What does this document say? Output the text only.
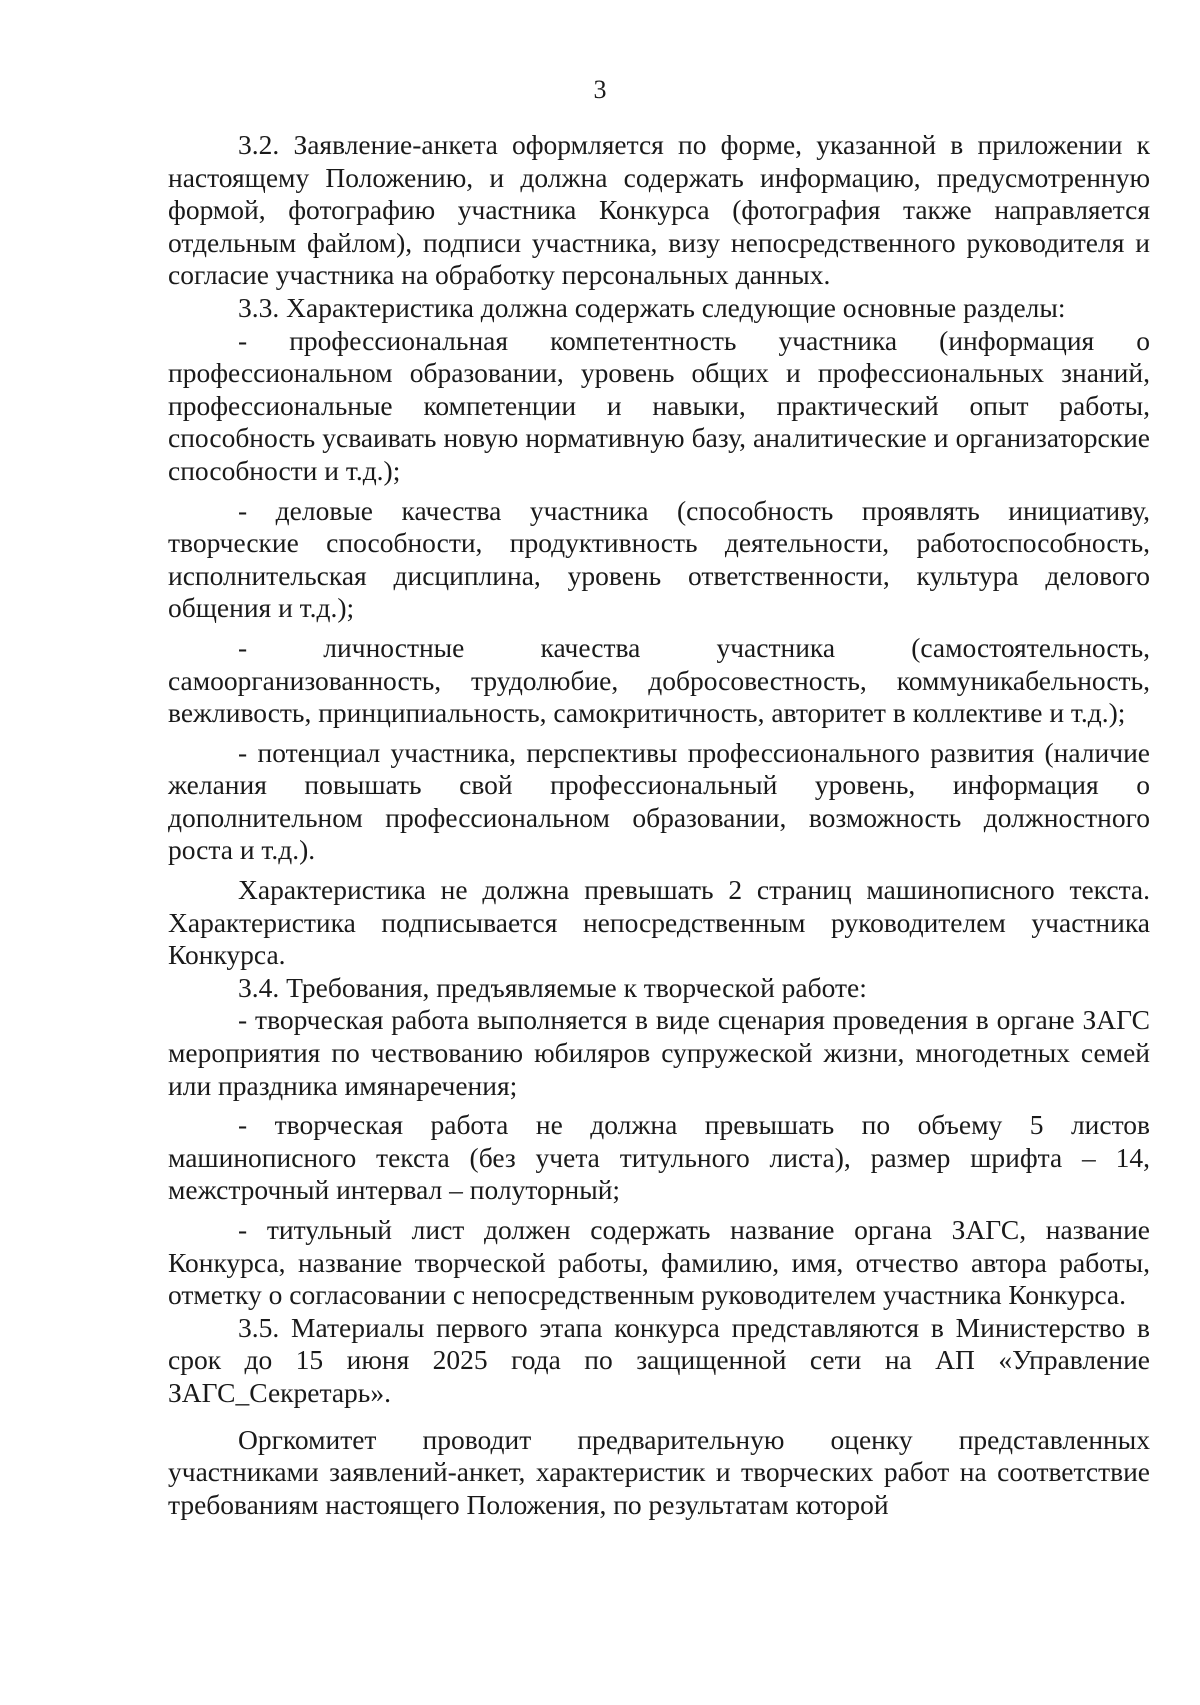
3

3.2. Заявление-анкета оформляется по форме, указанной в приложении к настоящему Положению, и должна содержать информацию, предусмотренную формой, фотографию участника Конкурса (фотография также направляется отдельным файлом), подписи участника, визу непосредственного руководителя и согласие участника на обработку персональных данных.

3.3. Характеристика должна содержать следующие основные разделы:

- профессиональная компетентность участника (информация о профессиональном образовании, уровень общих и профессиональных знаний, профессиональные компетенции и навыки, практический опыт работы, способность усваивать новую нормативную базу, аналитические и организаторские способности и т.д.);

- деловые качества участника (способность проявлять инициативу, творческие способности, продуктивность деятельности, работоспособность, исполнительская дисциплина, уровень ответственности, культура делового общения и т.д.);

- личностные качества участника (самостоятельность, самоорганизованность, трудолюбие, добросовестность, коммуникабельность, вежливость, принципиальность, самокритичность, авторитет в коллективе и т.д.);

- потенциал участника, перспективы профессионального развития (наличие желания повышать свой профессиональный уровень, информация о дополнительном профессиональном образовании, возможность должностного роста и т.д.).

Характеристика не должна превышать 2 страниц машинописного текста. Характеристика подписывается непосредственным руководителем участника Конкурса.

3.4. Требования, предъявляемые к творческой работе:

- творческая работа выполняется в виде сценария проведения в органе ЗАГС мероприятия по чествованию юбиляров супружеской жизни, многодетных семей или праздника имянаречения;

- творческая работа не должна превышать по объему 5 листов машинописного текста (без учета титульного листа), размер шрифта – 14, межстрочный интервал – полуторный;

- титульный лист должен содержать название органа ЗАГС, название Конкурса, название творческой работы, фамилию, имя, отчество автора работы, отметку о согласовании с непосредственным руководителем участника Конкурса.

3.5. Материалы первого этапа конкурса представляются в Министерство в срок до 15 июня 2025 года по защищенной сети на АП «Управление ЗАГС_Секретарь».

Оргкомитет проводит предварительную оценку представленных участниками заявлений-анкет, характеристик и творческих работ на соответствие требованиям настоящего Положения, по результатам которой
